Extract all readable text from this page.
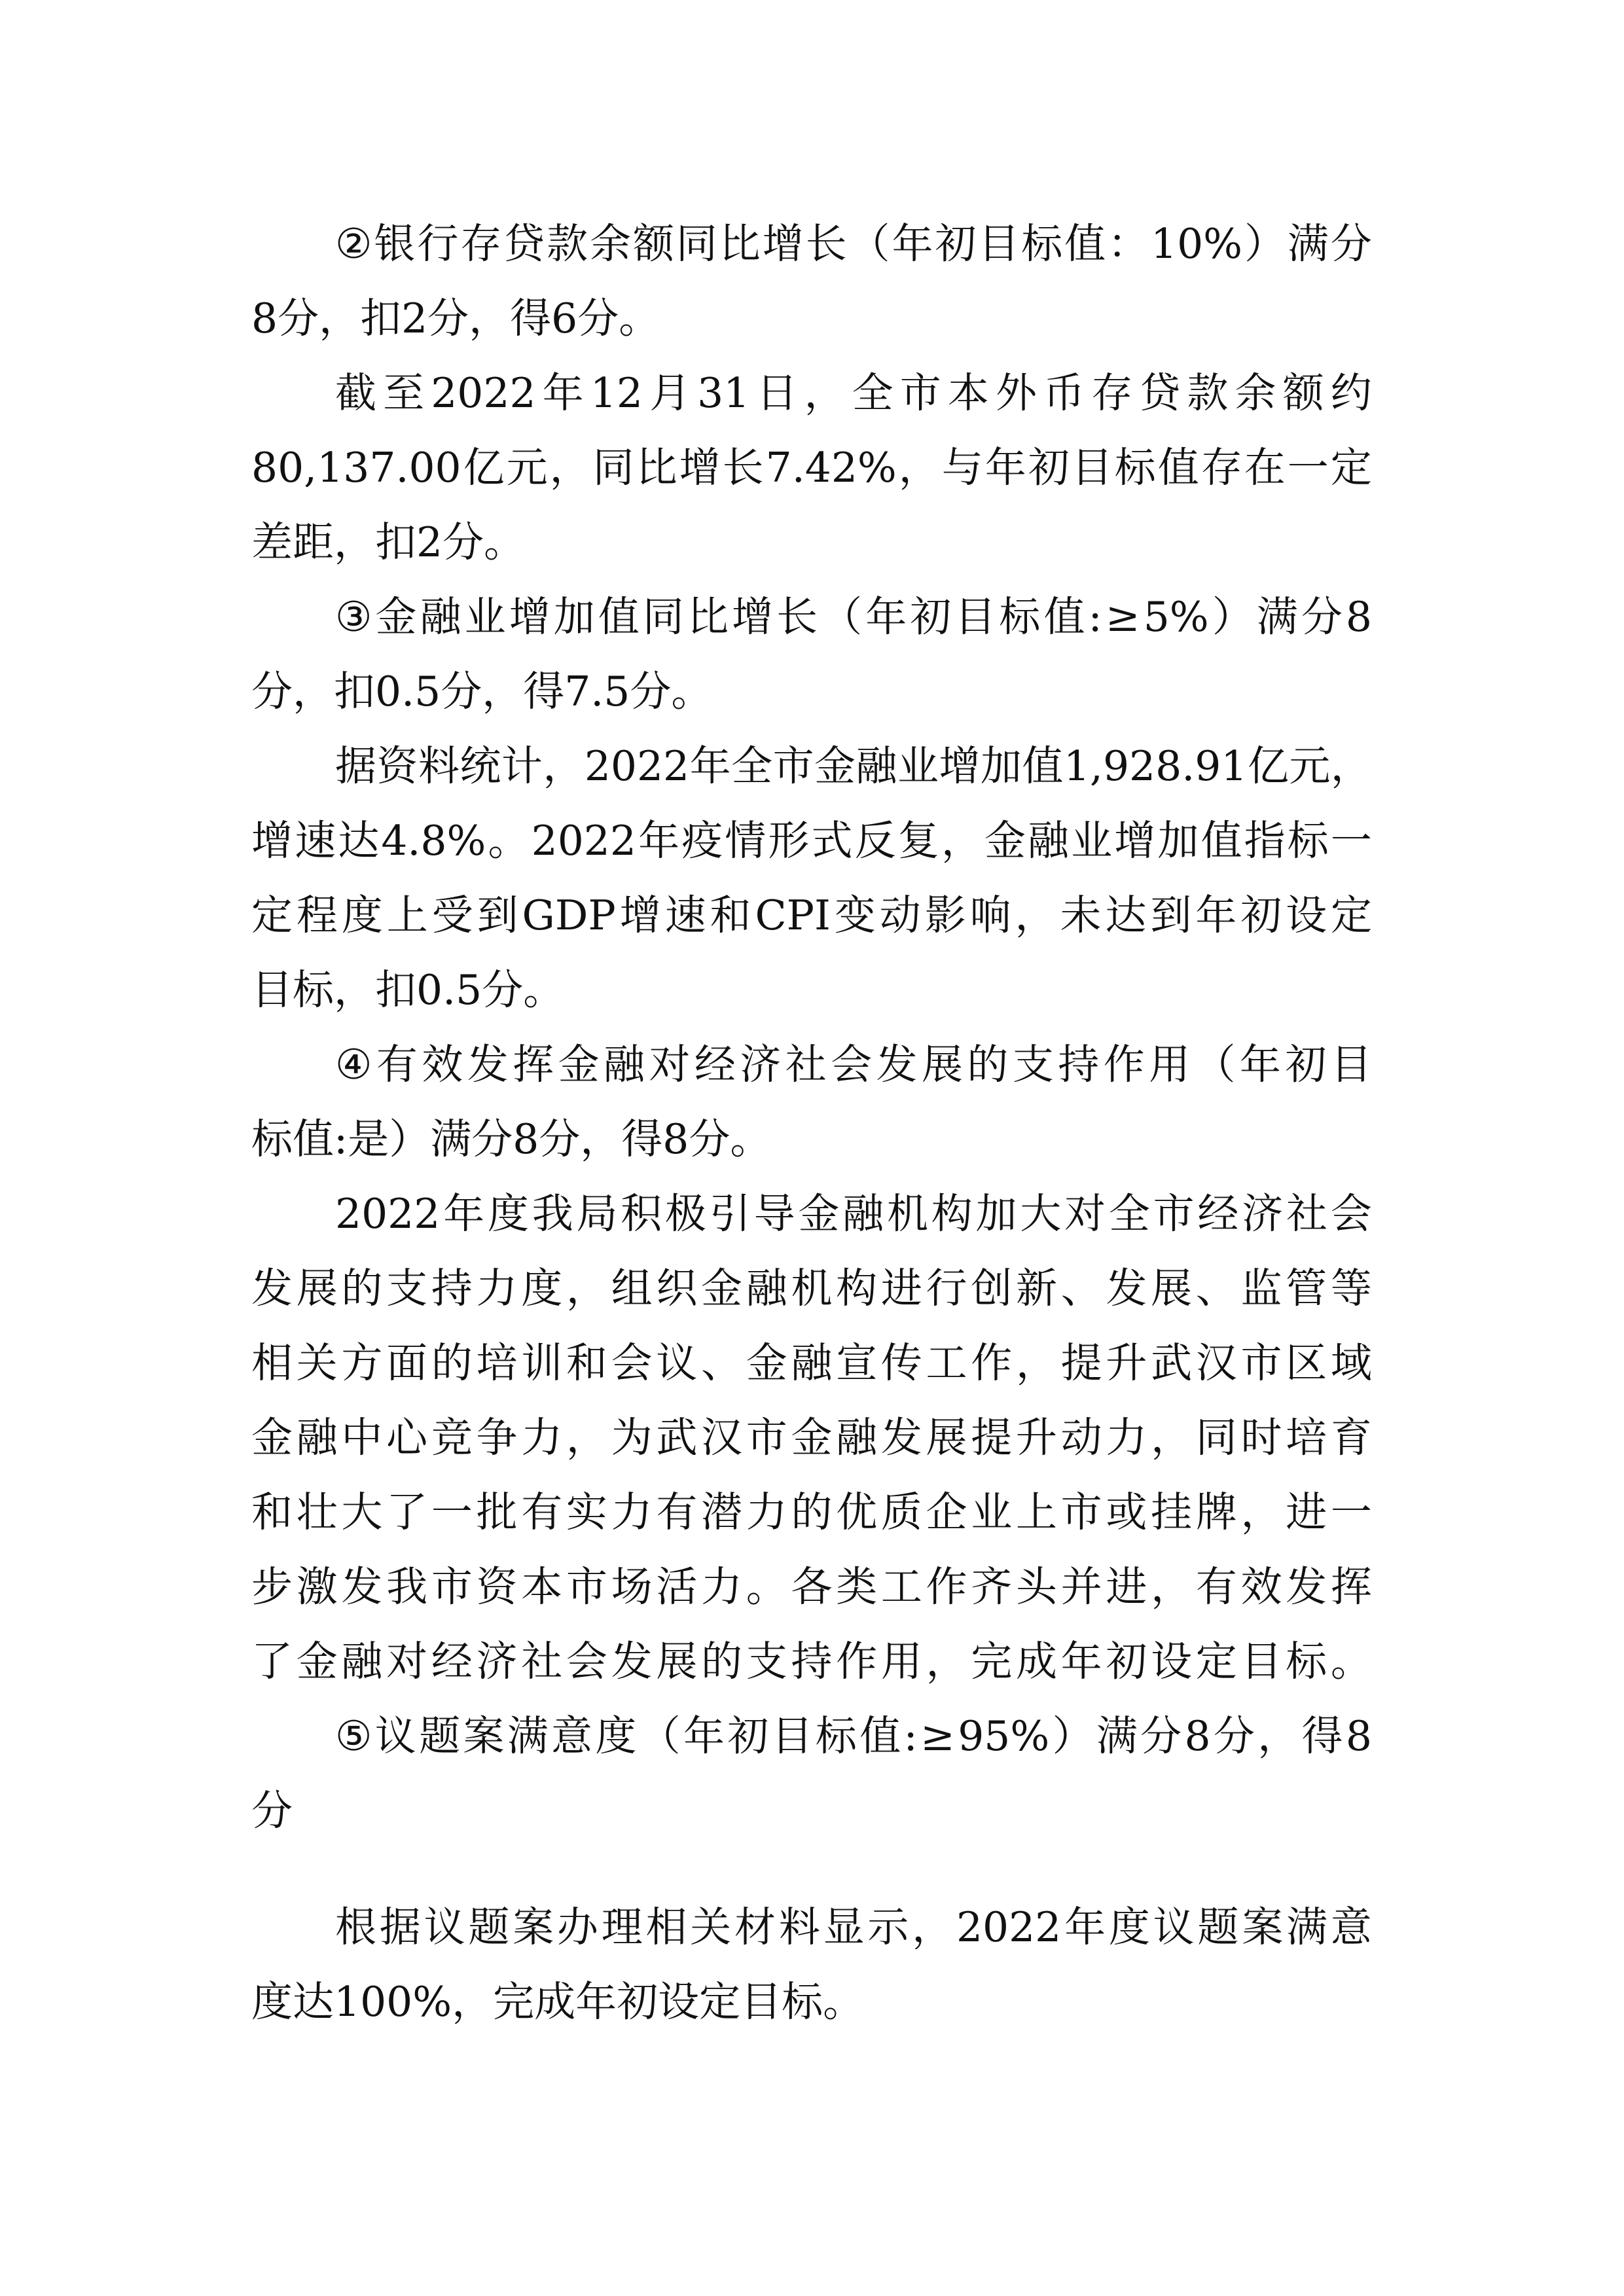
② 银 行 存 贷 款 余 额 同 比 增 长 （ 年 初 目 标 值 ： 10% ） 满 分
8分，扣2分，得6分。
截 至 2022 年 12 月 31 日 ， 全 市 本 外 币 存 贷 款 余 额 约
80,137.00 亿 元 ， 同 比 增 长 7.42% ， 与 年 初 目 标 值 存 在 一 定
差距，扣2分。
③ 金 融 业 增 加 值 同 比 增 长 （ 年 初 目 标 值 : ≥ 5% ） 满 分 8
分，扣0.5分，得7.5分。
据 资 料 统 计 ， 2022 年 全 市 金 融 业 增 加 值 1,928.91 亿 元 ，
增 速 达 4.8% 。 2022 年 疫 情 形 式 反 复 ， 金 融 业 增 加 值 指 标 一
定 程 度 上 受 到 GDP 增 速 和 CPI 变 动 影 响 ， 未 达 到 年 初 设 定
目标，扣0.5分。
④ 有 效 发 挥 金 融 对 经 济 社 会 发 展 的 支 持 作 用 （ 年 初 目
标值:是）满分8分，得8分。
2022 年 度 我 局 积 极 引 导 金 融 机 构 加 大 对 全 市 经 济 社 会
发 展 的 支 持 力 度 ， 组 织 金 融 机 构 进 行 创 新 、 发 展 、 监 管 等
相 关 方 面 的 培 训 和 会 议 、 金 融 宣 传 工 作 ， 提 升 武 汉 市 区 域
金 融 中 心 竞 争 力 ， 为 武 汉 市 金 融 发 展 提 升 动 力 ， 同 时 培 育
和 壮 大 了 一 批 有 实 力 有 潜 力 的 优 质 企 业 上 市 或 挂 牌 ， 进 一
步 激 发 我 市 资 本 市 场 活 力 。 各 类 工 作 齐 头 并 进 ， 有 效 发 挥
了 金 融 对 经 济 社 会 发 展 的 支 持 作 用 ， 完 成 年 初 设 定 目 标 。
⑤ 议 题 案 满 意 度 （ 年 初 目 标 值 : ≥ 95% ） 满 分 8 分 ， 得 8
分
根 据 议 题 案 办 理 相 关 材 料 显 示 ， 2022 年 度 议 题 案 满 意
度达100%，完成年初设定目标。
